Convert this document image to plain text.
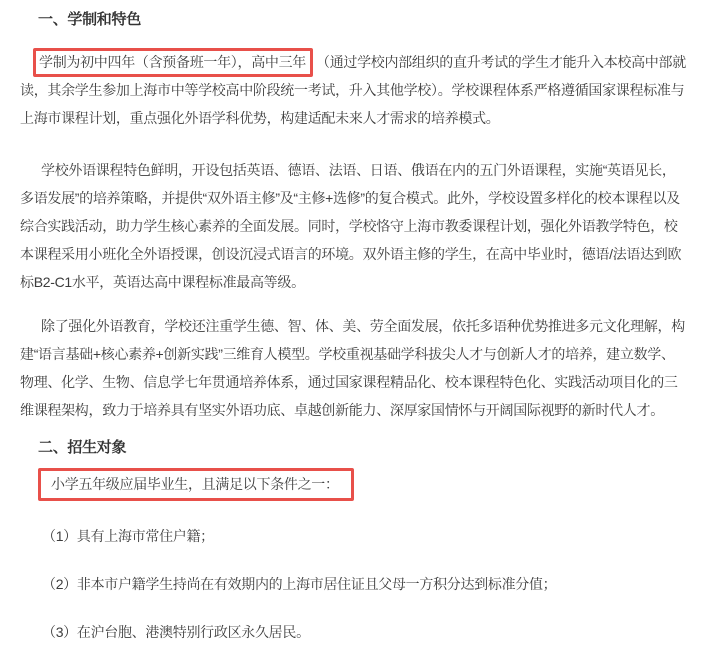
一、学制和特色

学制为初中四年（含预备班一年），高中三年 （通过学校内部组织的直升考试的学生才能升入本校高中部就读，其余学生参加上海市中等学校高中阶段统一考试，升入其他学校）。学校课程体系严格遵循国家课程标准与上海市课程计划，重点强化外语学科优势，构建适配未来人才需求的培养模式。

学校外语课程特色鲜明，开设包括英语、德语、法语、日语、俄语在内的五门外语课程，实施“英语见长，多语发展”的培养策略，并提供“双外语主修”及“主修+选修”的复合模式。此外，学校设置多样化的校本课程以及综合实践活动，助力学生核心素养的全面发展。同时，学校恪守上海市教委课程计划，强化外语教学特色，校本课程采用小班化全外语授课，创设沉浸式语言的环境。双外语主修的学生，在高中毕业时，德语/法语达到欧标B2-C1水平，英语达高中课程标准最高等级。

除了强化外语教育，学校还注重学生德、智、体、美、劳全面发展，依托多语种优势推进多元文化理解，构建“语言基础+核心素养+创新实践”三维育人模型。学校重视基础学科拔尖人才与创新人才的培养，建立数学、物理、化学、生物、信息学七年贯通培养体系，通过国家课程精品化、校本课程特色化、实践活动项目化的三维课程架构，致力于培养具有坚实外语功底、卓越创新能力、深厚家国情怀与开阔国际视野的新时代人才。

二、招生对象

小学五年级应届毕业生，且满足以下条件之一：

（1）具有上海市常住户籍；

（2）非本市户籍学生持尚在有效期内的上海市居住证且父母一方积分达到标准分值；

（3）在沪台胞、港澳特别行政区永久居民。
